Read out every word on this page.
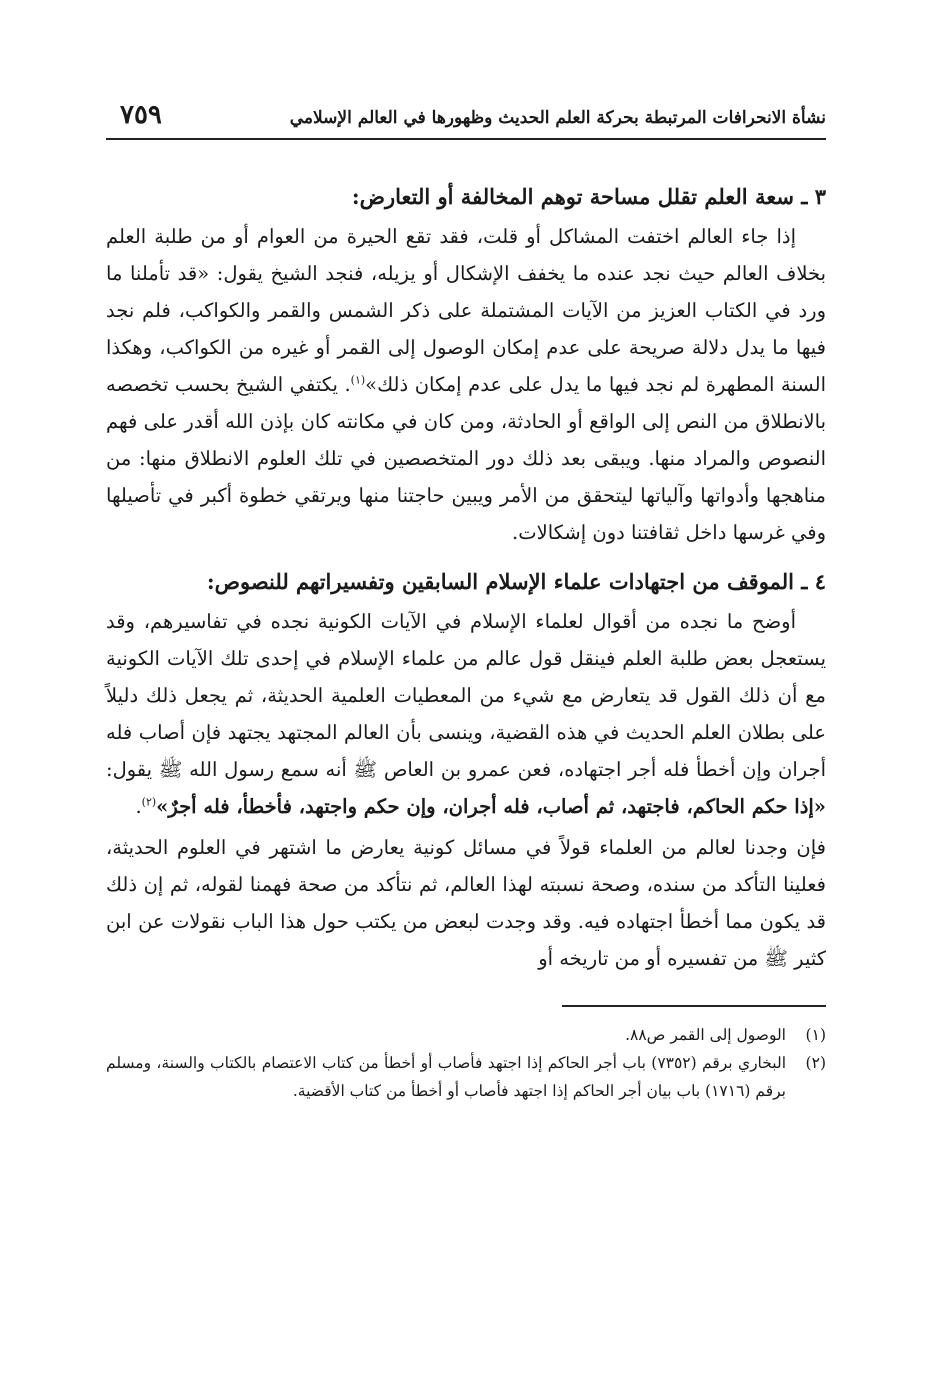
نشأة الانحرافات المرتبطة بحركة العلم الحديث وظهورها في العالم الإسلامي
٧٥٩
٣ ـ سعة العلم تقلل مساحة توهم المخالفة أو التعارض:

إذا جاء العالم اختفت المشاكل أو قلت، فقد تقع الحيرة من العوام أو من طلبة العلم بخلاف العالم حيث نجد عنده ما يخفف الإشكال أو يزيله، فنجد الشيخ يقول: «قد تأملنا ما ورد في الكتاب العزيز من الآيات المشتملة على ذكر الشمس والقمر والكواكب، فلم نجد فيها ما يدل دلالة صريحة على عدم إمكان الوصول إلى القمر أو غيره من الكواكب، وهكذا السنة المطهرة لم نجد فيها ما يدل على عدم إمكان ذلك»$^{(١)}$. يكتفي الشيخ بحسب تخصصه بالانطلاق من النص إلى الواقع أو الحادثة، ومن كان في مكانته كان بإذن الله أقدر على فهم النصوص والمراد منها. ويبقى بعد ذلك دور المتخصصين في تلك العلوم الانطلاق منها: من مناهجها وأدواتها وآلياتها ليتحقق من الأمر ويبين حاجتنا منها ويرتقي خطوة أكبر في تأصيلها وفي غرسها داخل ثقافتنا دون إشكالات.

٤ ـ الموقف من اجتهادات علماء الإسلام السابقين وتفسيراتهم للنصوص:

أوضح ما نجده من أقوال لعلماء الإسلام في الآيات الكونية نجده في تفاسيرهم، وقد يستعجل بعض طلبة العلم فينقل قول عالم من علماء الإسلام في إحدى تلك الآيات الكونية مع أن ذلك القول قد يتعارض مع شيء من المعطيات العلمية الحديثة، ثم يجعل ذلك دليلاً على بطلان العلم الحديث في هذه القضية، وينسى بأن العالم المجتهد يجتهد فإن أصاب فله أجران وإن أخطأ فله أجر اجتهاده، فعن عمرو بن العاص ﷺ أنه سمع رسول الله ﷺ يقول: «إذا حكم الحاكم، فاجتهد، ثم أصاب، فله أجران، وإن حكم واجتهد، فأخطأ، فله أجرٌ»$^{(٢)}$.

فإن وجدنا لعالم من العلماء قولاً في مسائل كونية يعارض ما اشتهر في العلوم الحديثة، فعلينا التأكد من سنده، وصحة نسبته لهذا العالم، ثم نتأكد من صحة فهمنا لقوله، ثم إن ذلك قد يكون مما أخطأ اجتهاده فيه. وقد وجدت لبعض من يكتب حول هذا الباب نقولات عن ابن كثير ﷺ من تفسيره أو من تاريخه أو

(١)
الوصول إلى القمر ص٨٨.
(٢)
البخاري برقم (٧٣٥٢) باب أجر الحاكم إذا اجتهد فأصاب أو أخطأ من كتاب الاعتصام بالكتاب والسنة، ومسلم برقم (١٧١٦) باب بيان أجر الحاكم إذا اجتهد فأصاب أو أخطأ من كتاب الأقضية.
